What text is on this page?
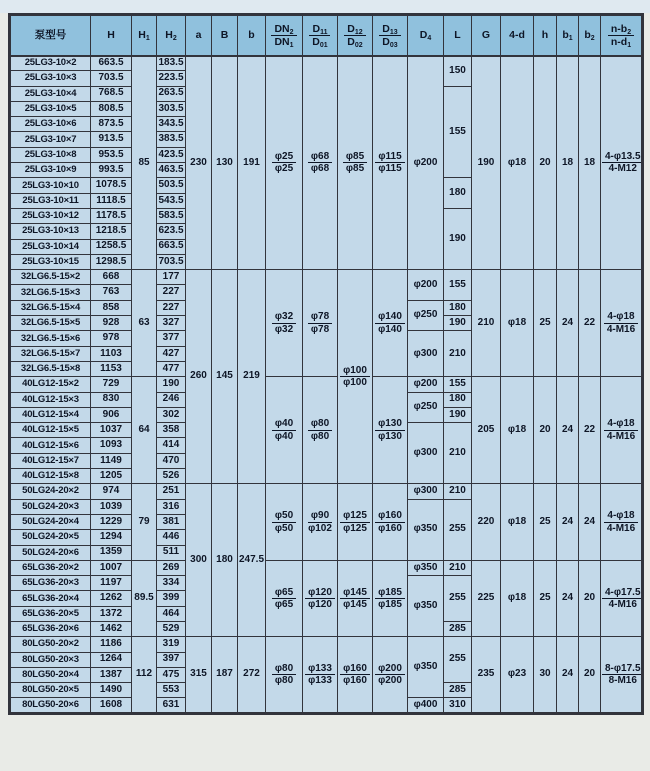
泵型号	H	$H_1$	$H_2$	a	B	b	$\frac{DN_2}{DN_1}$	$\frac{D_{11}}{D_{01}}$	$\frac{D_{12}}{D_{02}}$	$\frac{D_{13}}{D_{03}}$	$D_4$	L	G	4-d	h	$b_1$	$b_2$	$\frac{n-b_2}{n-d_1}$

25LG3-10×2	663.5	85	183.5	230	130	191	$\frac{\varphi 25}{\varphi 25}$	$\frac{\varphi 68}{\varphi 68}$	$\frac{\varphi 85}{\varphi 85}$	$\frac{\varphi 115}{\varphi 115}$	φ200	150	190	φ18	20	18	18	$\frac{4-\varphi 13.5}{4-M12}$

25LG3-10×3	703.5		223.5															
25LG3-10×4	768.5		263.5									155						
25LG3-10×5	808.5		303.5															
25LG3-10×6	873.5		343.5															
25LG3-10×7	913.5		383.5															
25LG3-10×8	953.5		423.5															
25LG3-10×9	993.5		463.5															
25LG3-10×10	1078.5		503.5									180						
25LG3-10×11	1118.5		543.5															
25LG3-10×12	1178.5		583.5									190						
25LG3-10×13	1218.5		623.5															
25LG3-10×14	1258.5		663.5															
25LG3-10×15	1298.5		703.5															
32LG6.5-15×2	668	63	177	260	145	219	$\frac{\varphi 32}{\varphi 32}$	$\frac{\varphi 78}{\varphi 78}$	$\frac{\varphi 100}{\varphi 100}$	$\frac{\varphi 140}{\varphi 140}$	φ200	155	210	φ18	25	24	22	$\frac{4-\varphi 18}{4-M16}$

32LG6.5-15×3	763		227															
32LG6.5-15×4	858		227								φ250	180						
32LG6.5-15×5	928		327									190						
32LG6.5-15×6	978		377								φ300	210						
32LG6.5-15×7	1103		427															
32LG6.5-15×8	1153		477															
40LG12-15×2	729	64	190				$\frac{\varphi 40}{\varphi 40}$	$\frac{\varphi 80}{\varphi 80}$		$\frac{\varphi 130}{\varphi 130}$	φ200	155	205	φ18	20	24	22	$\frac{4-\varphi 18}{4-M16}$

40LG12-15×3	830		246								φ250	180						
40LG12-15×4	906		302									190						
40LG12-15×5	1037		358								φ300	210						
40LG12-15×6	1093		414															
40LG12-15×7	1149		470															
40LG12-15×8	1205		526															
50LG24-20×2	974	79	251	300	180	247.5	$\frac{\varphi 50}{\varphi 50}$	$\frac{\varphi 90}{\varphi 102}$	$\frac{\varphi 125}{\varphi 125}$	$\frac{\varphi 160}{\varphi 160}$	φ300	210	220	φ18	25	24	24	$\frac{4-\varphi 18}{4-M16}$

50LG24-20×3	1039		316								φ350	255						
50LG24-20×4	1229		381															
50LG24-20×5	1294		446															
50LG24-20×6	1359		511															
65LG36-20×2	1007	89.5	269				$\frac{\varphi 65}{\varphi 65}$	$\frac{\varphi 120}{\varphi 120}$	$\frac{\varphi 145}{\varphi 145}$	$\frac{\varphi 185}{\varphi 185}$	φ350	210	225	φ18	25	24	20	$\frac{4-\varphi 17.5}{4-M16}$

65LG36-20×3	1197		334								φ350	255						
65LG36-20×4	1262		399															
65LG36-20×5	1372		464															
65LG36-20×6	1462		529									285						
80LG50-20×2	1186	112	319	315	187	272	$\frac{\varphi 80}{\varphi 80}$	$\frac{\varphi 133}{\varphi 133}$	$\frac{\varphi 160}{\varphi 160}$	$\frac{\varphi 200}{\varphi 200}$	φ350	255	235	φ23	30	24	20	$\frac{8-\varphi 17.5}{8-M16}$

80LG50-20×3	1264		397															
80LG50-20×4	1387		475															
80LG50-20×5	1490		553									285						
80LG50-20×6	1608		631								φ400	310						
